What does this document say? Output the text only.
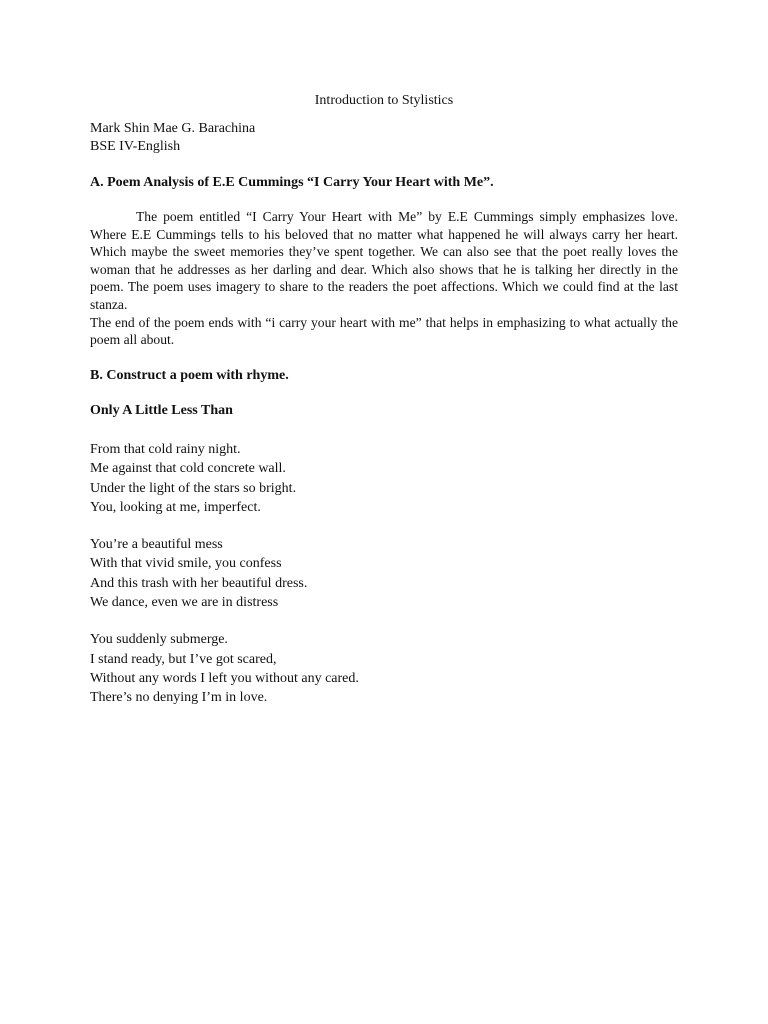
Introduction to Stylistics
Mark Shin Mae G. Barachina
BSE IV-English
A. Poem Analysis of E.E Cummings “I Carry Your Heart with Me”.

The poem entitled “I Carry Your Heart with Me” by E.E Cummings simply emphasizes love. Where E.E Cummings tells to his beloved that no matter what happened he will always carry her heart. Which maybe the sweet memories they’ve spent together. We can also see that the poet really loves the woman that he addresses as her darling and dear. Which also shows that he is talking her directly in the poem. The poem uses imagery to share to the readers the poet affections. Which we could find at the last stanza.

The end of the poem ends with “i carry your heart with me” that helps in emphasizing to what actually the poem all about.

B. Construct a poem with rhyme.
Only A Little Less Than
From that cold rainy night.
Me against that cold concrete wall.
Under the light of the stars so bright.
You, looking at me, imperfect.
You’re a beautiful mess
With that vivid smile, you confess
And this trash with her beautiful dress.
We dance, even we are in distress
You suddenly submerge.
I stand ready, but I’ve got scared,
Without any words I left you without any cared.
There’s no denying I’m in love.
